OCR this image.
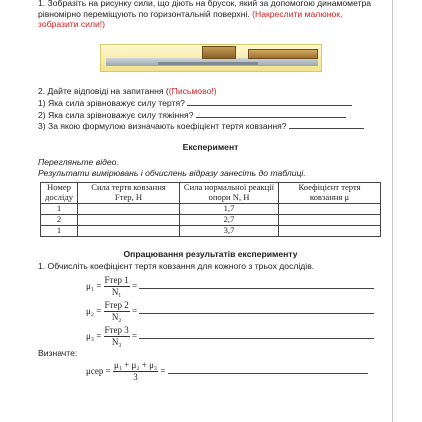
1. Зобразіть на рисунку сили, що діють на брусок, який за допомогою динамометра рівномірно переміщують по горизонтальній поверхні. (Накреслити малюнок, зобразити сили!)

2. Дайте відповіді на запитання ((Письмово!)
1) Яка сила зрівноважує силу тертя?
2) Яка сила зрівноважує силу тяжіння?
3) За якою формулою визначають коефіцієнт тертя ковзання?
Експеримент
Перегляньте відео.
Результати вимірювань і обчислень відразу занесіть до таблиці.
Номер досліду	Сила тертя ковзання Fтер, Н	Сила нормальної реакції опори N, Н	Коефіцієнт тертя ковзання μ
1		1,7	
2		2,7	
1		3,7	
Опрацювання результатів експерименту
1. Обчисліть коефіцієнт тертя ковзання для кожного з трьох дослідів.
$\mu_1 = \frac{\text{Fтер 1}}{\text{N₁}}$ =
$\mu_2 = \frac{\text{Fтер 2}}{\text{N₂}}$ =
$\mu_3 = \frac{\text{Fтер 3}}{\text{N₃}}$ =
Визначте:
$\mu сер = \frac{\text{μ₁ + μ₂ + μ₃}}{3}$ =
